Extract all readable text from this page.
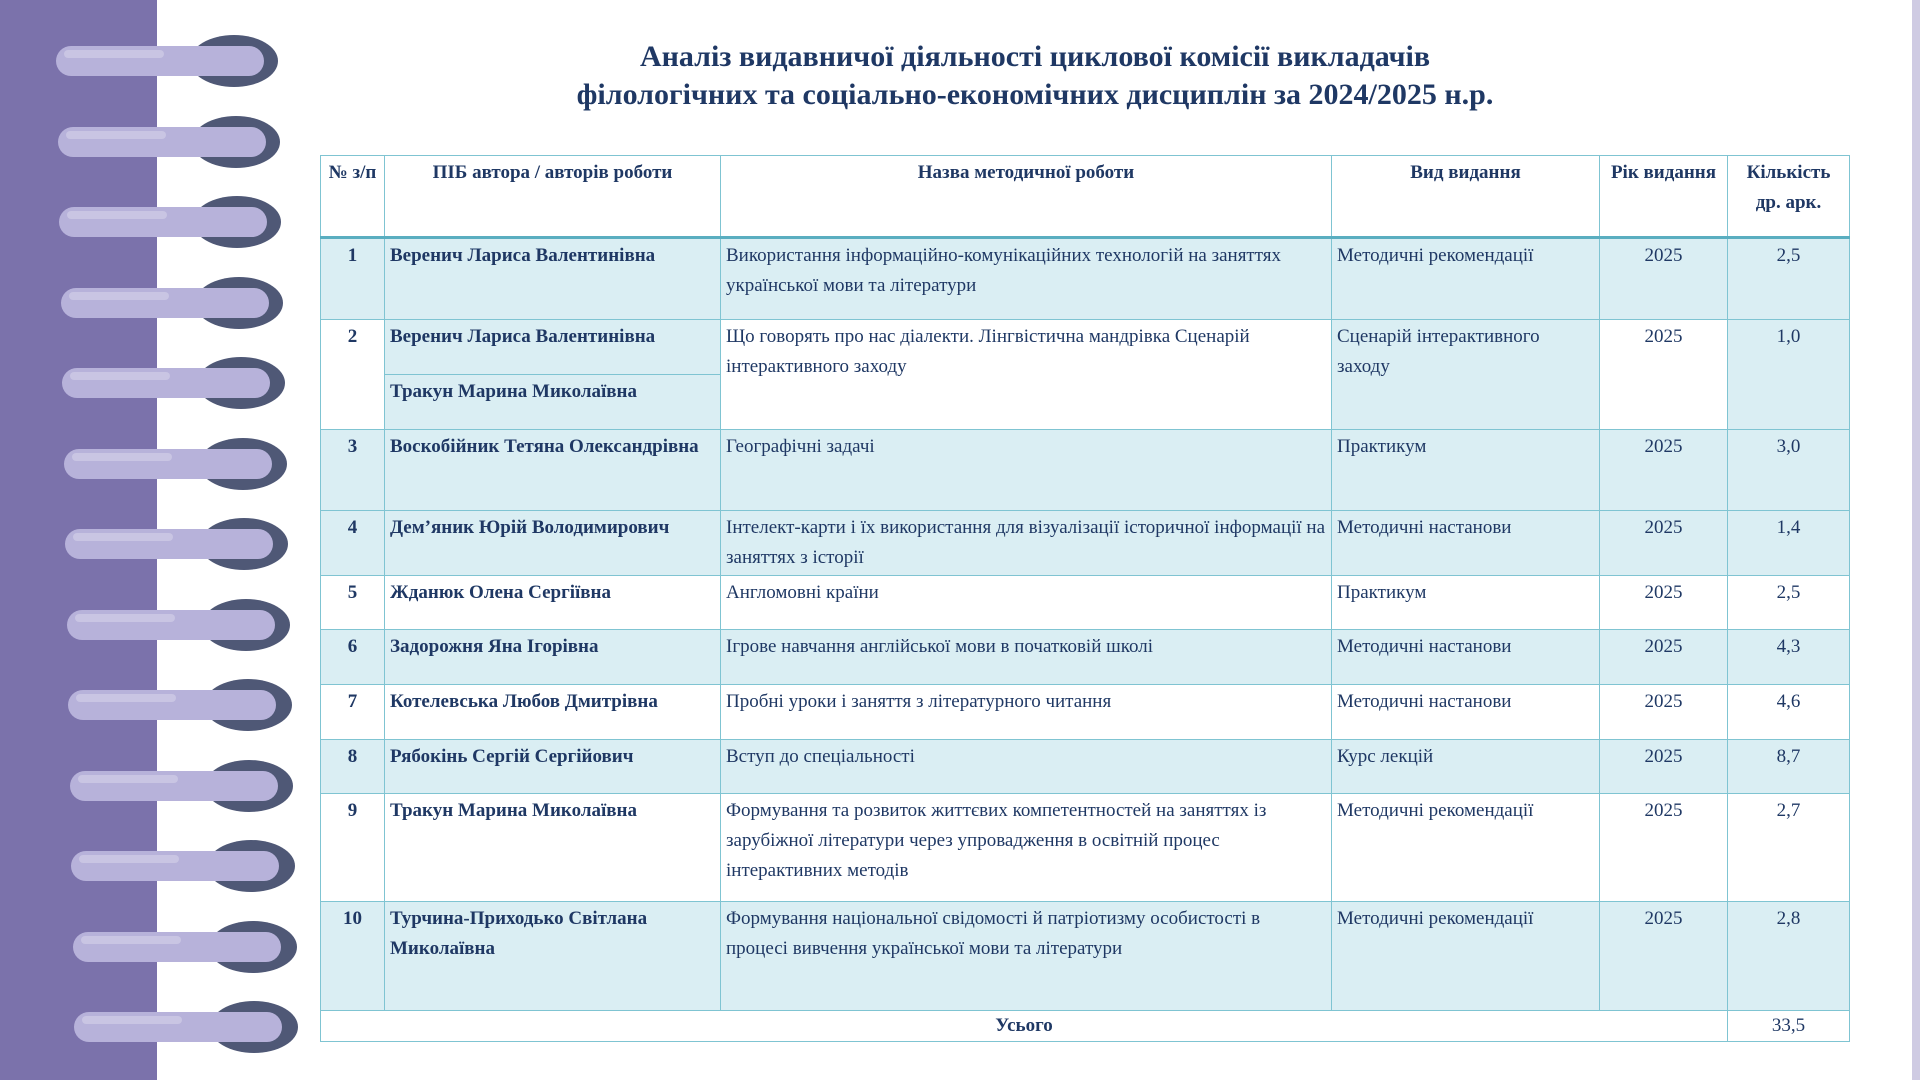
Аналіз видавничої діяльності циклової комісії викладачів
філологічних та соціально-економічних дисциплін за 2024/2025 н.р.
№ з/п	ПІБ автора / авторів роботи	Назва методичної роботи	Вид видання	Рік видання	Кількість др. арк.
1	Веренич Лариса Валентинівна	Використання інформаційно-комунікаційних технологій на заняттях української мови та літератури	Методичні рекомендації	2025	2,5
2	Веренич Лариса Валентинівна	Що говорять про нас діалекти. Лінгвістична мандрівка Сценарій інтерактивного заходу	Сценарій інтерактивного заходу	2025	1,0
	Тракун Марина Миколаївна				
3	Воскобійник Тетяна Олександрівна	Географічні задачі	Практикум	2025	3,0
4	Дем’яник Юрій Володимирович	Інтелект-карти і їх використання для візуалізації історичної інформації на заняттях з історії	Методичні настанови	2025	1,4
5	Жданюк Олена Сергіївна	Англомовні країни	Практикум	2025	2,5
6	Задорожня Яна Ігорівна	Ігрове навчання англійської мови в початковій школі	Методичні настанови	2025	4,3
7	Котелевська Любов Дмитрівна	Пробні уроки і заняття з літературного читання	Методичні настанови	2025	4,6
8	Рябокінь Сергій Сергійович	Вступ до спеціальності	Курс лекцій	2025	8,7
9	Тракун Марина Миколаївна	Формування та розвиток життєвих компетентностей на заняттях із зарубіжної літератури через упровадження в освітній процес інтерактивних методів	Методичні рекомендації	2025	2,7
10	Турчина-Приходько Світлана Миколаївна	Формування національної свідомості й патріотизму особистості в процесі вивчення української мови та літератури	Методичні рекомендації	2025	2,8
Усього					33,5
